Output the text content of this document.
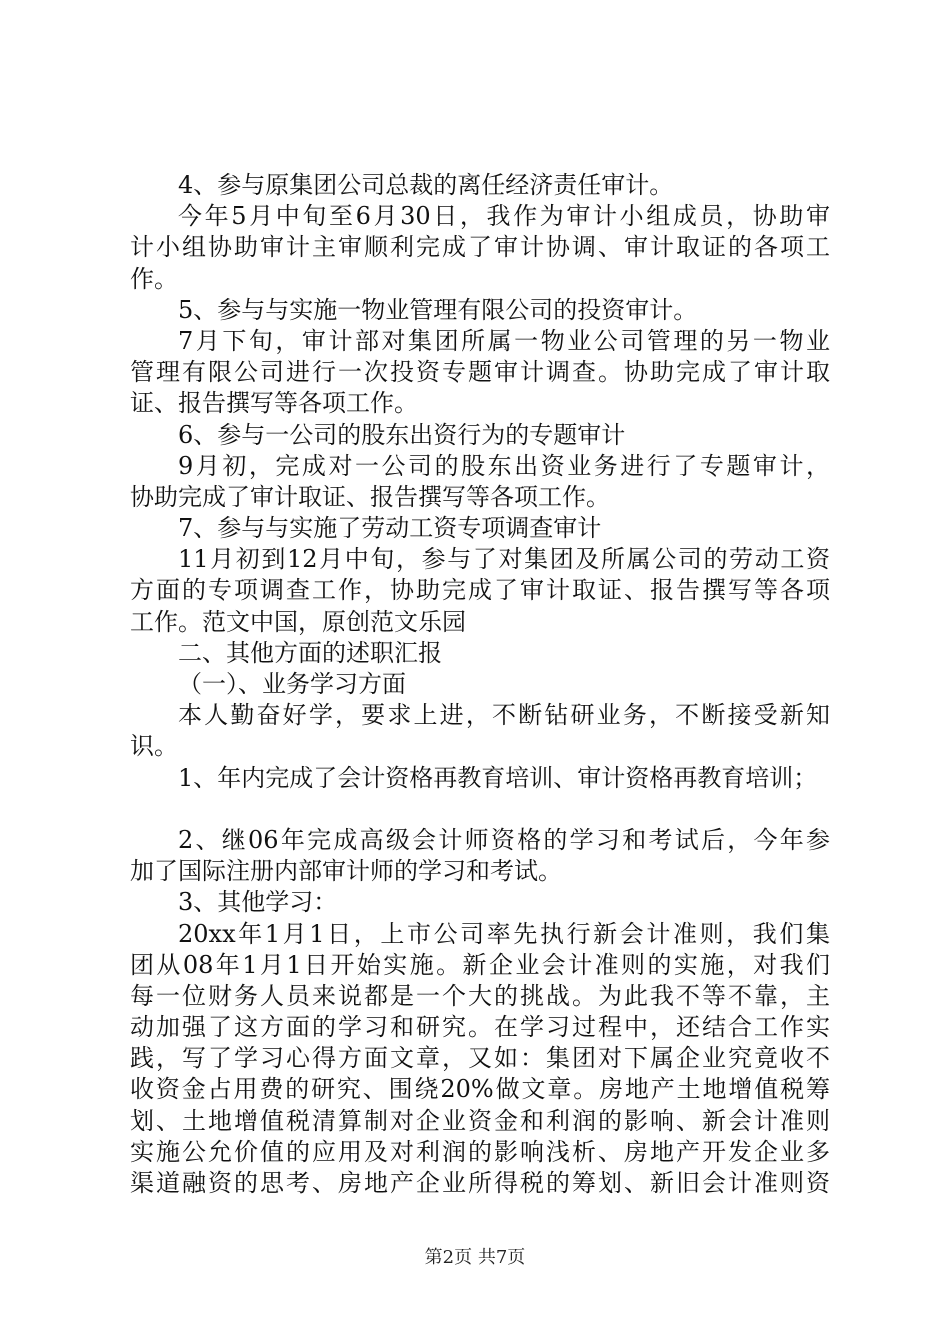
4、参与原集团公司总裁的离任经济责任审计。
今年5月中旬至6月30日，我作为审计小组成员，协助审
计小组协助审计主审顺利完成了审计协调、审计取证的各项工
作。
5、参与与实施一物业管理有限公司的投资审计。
7月下旬，审计部对集团所属一物业公司管理的另一物业
管理有限公司进行一次投资专题审计调查。协助完成了审计取
证、报告撰写等各项工作。
6、参与一公司的股东出资行为的专题审计
9月初，完成对一公司的股东出资业务进行了专题审计，
协助完成了审计取证、报告撰写等各项工作。
7、参与与实施了劳动工资专项调查审计
11月初到12月中旬，参与了对集团及所属公司的劳动工资
方面的专项调查工作，协助完成了审计取证、报告撰写等各项
工作。范文中国，原创范文乐园
二、其他方面的述职汇报
（一）、业务学习方面
本人勤奋好学，要求上进，不断钻研业务，不断接受新知
识。
1、年内完成了会计资格再教育培训、审计资格再教育培训；
2、继06年完成高级会计师资格的学习和考试后，今年参
加了国际注册内部审计师的学习和考试。
3、其他学习：
20xx年1月1日，上市公司率先执行新会计准则，我们集
团从08年1月1日开始实施。新企业会计准则的实施，对我们
每一位财务人员来说都是一个大的挑战。为此我不等不靠，主
动加强了这方面的学习和研究。在学习过程中，还结合工作实
践，写了学习心得方面文章，又如：集团对下属企业究竟收不
收资金占用费的研究、围绕20%做文章。房地产土地增值税筹
划、土地增值税清算制对企业资金和利润的影响、新会计准则
实施公允价值的应用及对利润的影响浅析、房地产开发企业多
渠道融资的思考、房地产企业所得税的筹划、新旧会计准则资
第2页 共7页
